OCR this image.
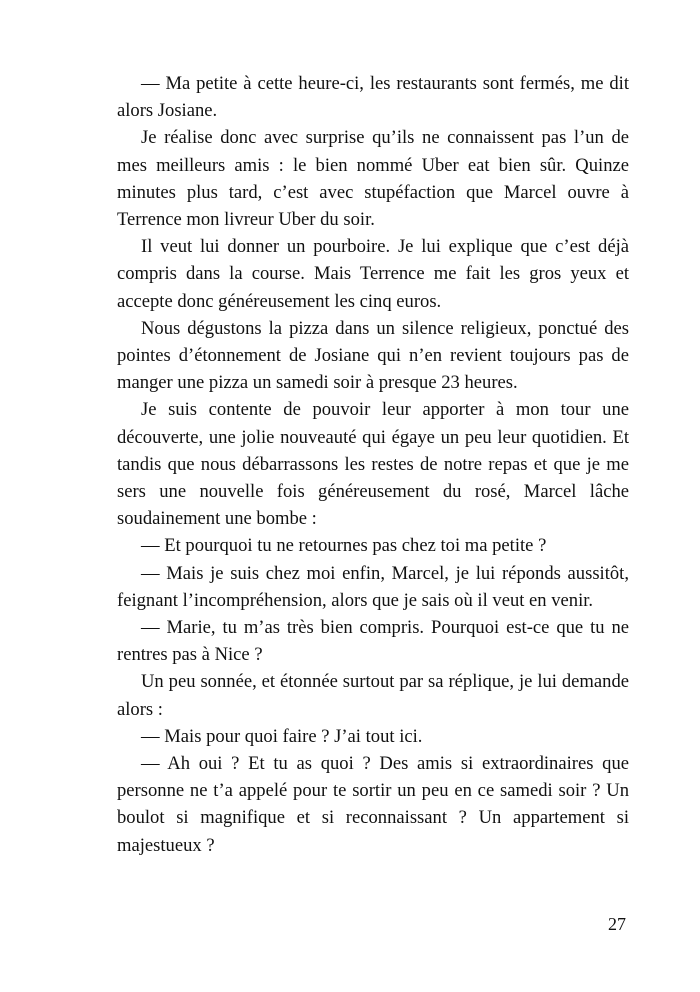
— Ma petite à cette heure-ci, les restaurants sont fermés, me dit alors Josiane.

Je réalise donc avec surprise qu’ils ne connaissent pas l’un de mes meilleurs amis : le bien nommé Uber eat bien sûr. Quinze minutes plus tard, c’est avec stupéfaction que Marcel ouvre à Terrence mon livreur Uber du soir.

Il veut lui donner un pourboire. Je lui explique que c’est déjà compris dans la course. Mais Terrence me fait les gros yeux et accepte donc généreusement les cinq euros.

Nous dégustons la pizza dans un silence religieux, ponctué des pointes d’étonnement de Josiane qui n’en revient toujours pas de manger une pizza un samedi soir à presque 23 heures.

Je suis contente de pouvoir leur apporter à mon tour une découverte, une jolie nouveauté qui égaye un peu leur quotidien. Et tandis que nous débarrassons les restes de notre repas et que je me sers une nouvelle fois généreusement du rosé, Marcel lâche soudainement une bombe :

— Et pourquoi tu ne retournes pas chez toi ma petite ?

— Mais je suis chez moi enfin, Marcel, je lui réponds aussitôt, feignant l’incompréhension, alors que je sais où il veut en venir.

— Marie, tu m’as très bien compris. Pourquoi est-ce que tu ne rentres pas à Nice ?

Un peu sonnée, et étonnée surtout par sa réplique, je lui demande alors :

— Mais pour quoi faire ? J’ai tout ici.

— Ah oui ? Et tu as quoi ? Des amis si extraordinaires que personne ne t’a appelé pour te sortir un peu en ce samedi soir ? Un boulot si magnifique et si reconnaissant ? Un appartement si majestueux ?

27
